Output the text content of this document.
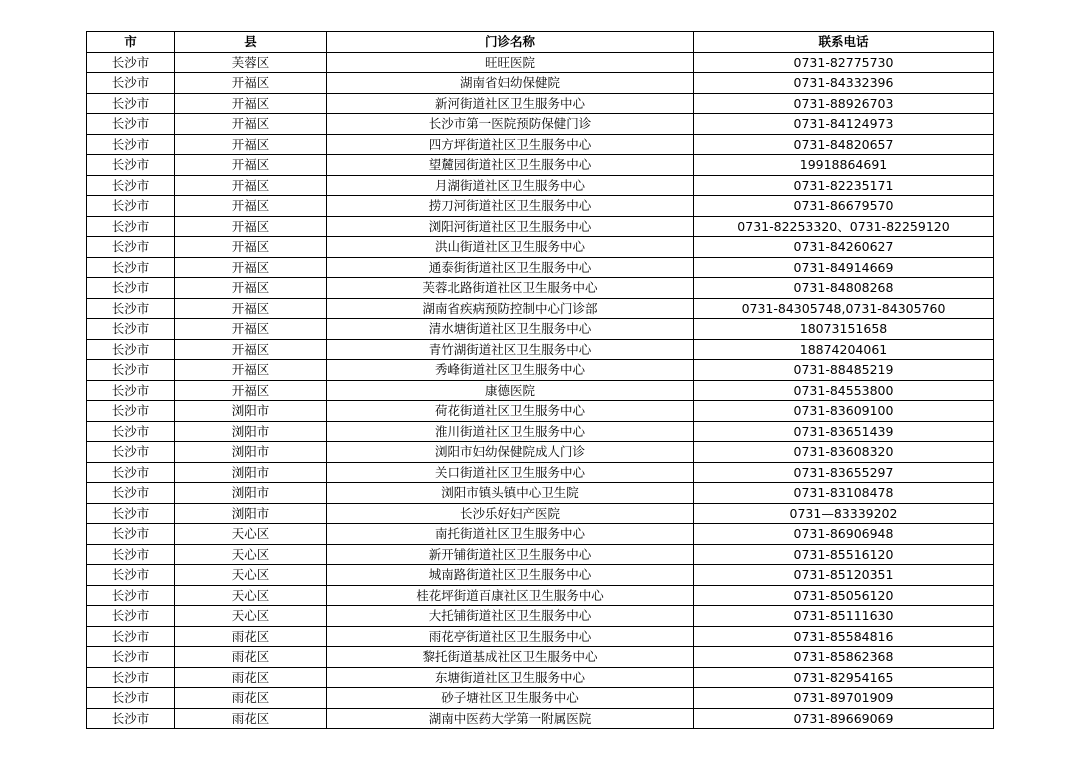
市	县	门诊名称	联系电话
长沙市	芙蓉区	旺旺医院	0731-82775730
长沙市	开福区	湖南省妇幼保健院	0731-84332396
长沙市	开福区	新河街道社区卫生服务中心	0731-88926703
长沙市	开福区	长沙市第一医院预防保健门诊	0731-84124973
长沙市	开福区	四方坪街道社区卫生服务中心	0731-84820657
长沙市	开福区	望麓园街道社区卫生服务中心	19918864691
长沙市	开福区	月湖街道社区卫生服务中心	0731-82235171
长沙市	开福区	捞刀河街道社区卫生服务中心	0731-86679570
长沙市	开福区	浏阳河街道社区卫生服务中心	0731-82253320、0731-82259120
长沙市	开福区	洪山街道社区卫生服务中心	0731-84260627
长沙市	开福区	通泰街街道社区卫生服务中心	0731-84914669
长沙市	开福区	芙蓉北路街道社区卫生服务中心	0731-84808268
长沙市	开福区	湖南省疾病预防控制中心门诊部	0731-84305748,0731-84305760
长沙市	开福区	清水塘街道社区卫生服务中心	18073151658
长沙市	开福区	青竹湖街道社区卫生服务中心	18874204061
长沙市	开福区	秀峰街道社区卫生服务中心	0731-88485219
长沙市	开福区	康德医院	0731-84553800
长沙市	浏阳市	荷花街道社区卫生服务中心	0731-83609100
长沙市	浏阳市	淮川街道社区卫生服务中心	0731-83651439
长沙市	浏阳市	浏阳市妇幼保健院成人门诊	0731-83608320
长沙市	浏阳市	关口街道社区卫生服务中心	0731-83655297
长沙市	浏阳市	浏阳市镇头镇中心卫生院	0731-83108478
长沙市	浏阳市	长沙乐好妇产医院	0731—83339202
长沙市	天心区	南托街道社区卫生服务中心	0731-86906948
长沙市	天心区	新开铺街道社区卫生服务中心	0731-85516120
长沙市	天心区	城南路街道社区卫生服务中心	0731-85120351
长沙市	天心区	桂花坪街道百康社区卫生服务中心	0731-85056120
长沙市	天心区	大托铺街道社区卫生服务中心	0731-85111630
长沙市	雨花区	雨花亭街道社区卫生服务中心	0731-85584816
长沙市	雨花区	黎托街道基成社区卫生服务中心	0731-85862368
长沙市	雨花区	东塘街道社区卫生服务中心	0731-82954165
长沙市	雨花区	砂子塘社区卫生服务中心	0731-89701909
长沙市	雨花区	湖南中医药大学第一附属医院	0731-89669069
